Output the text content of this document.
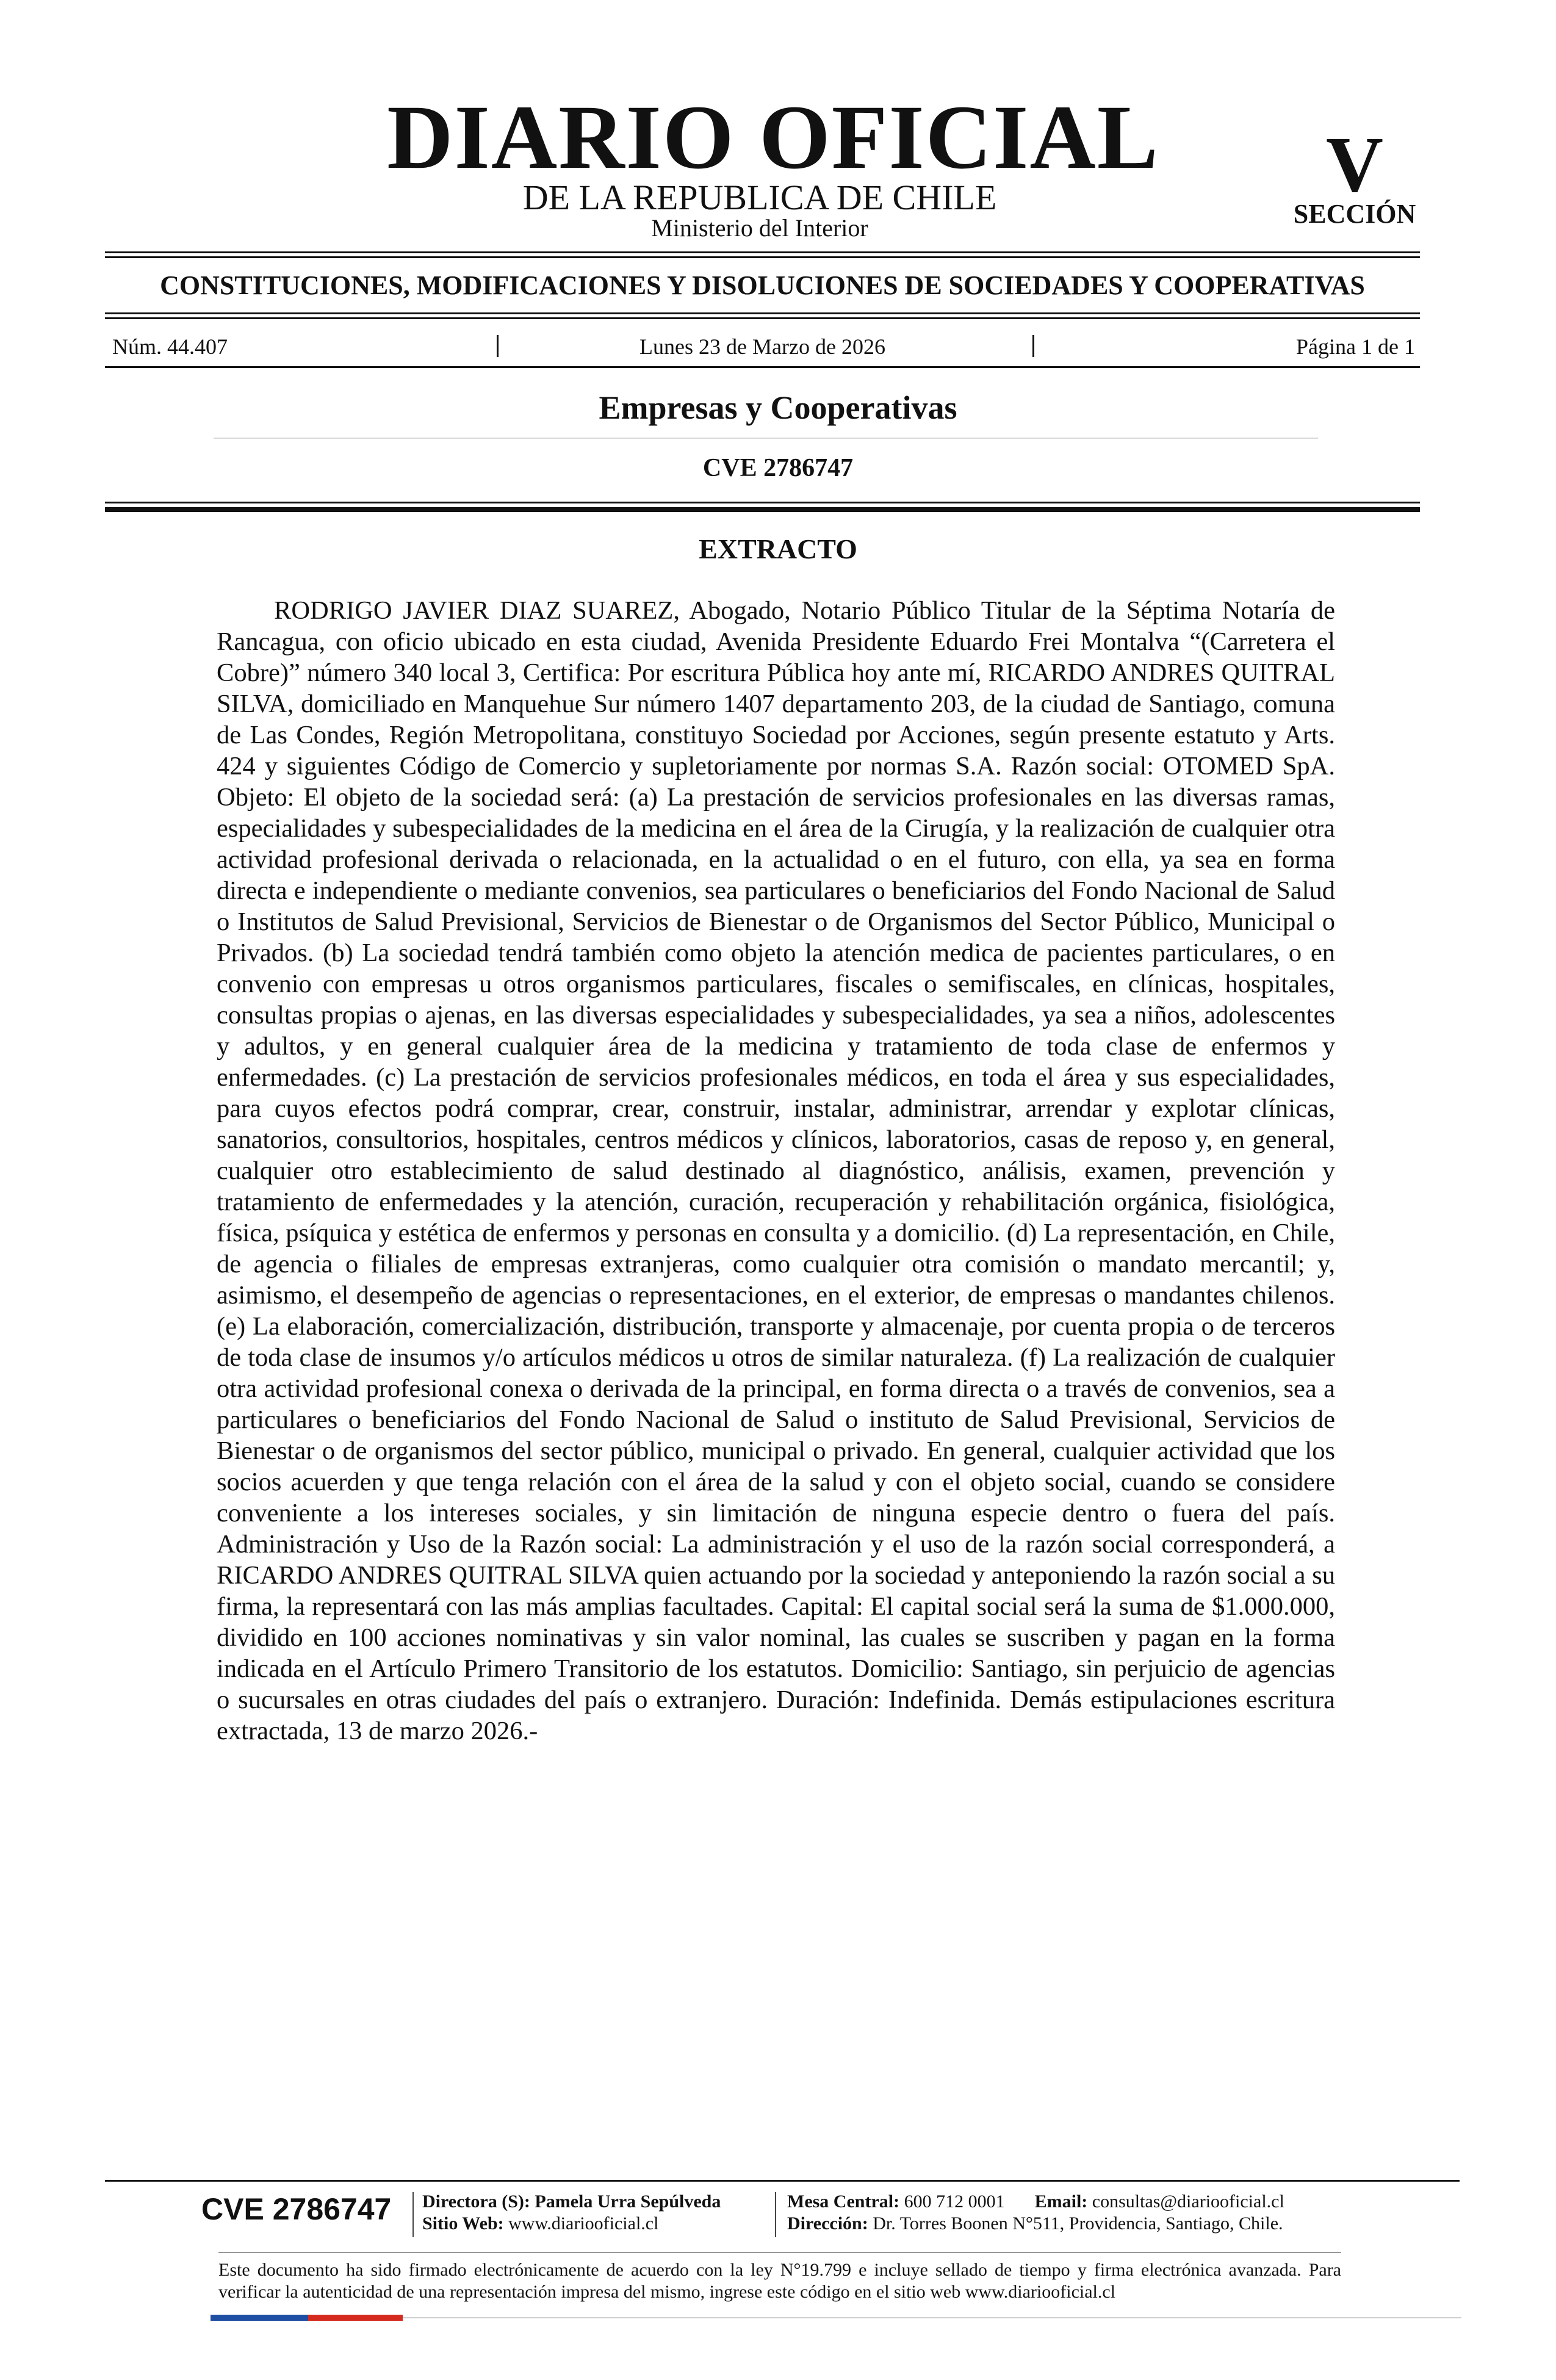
DIARIO OFICIAL
DE LA REPUBLICA DE CHILE
Ministerio del Interior
V
SECCIÓN
CONSTITUCIONES, MODIFICACIONES Y DISOLUCIONES DE SOCIEDADES Y COOPERATIVAS
Núm. 44.407	Lunes 23 de Marzo de 2026	Página 1 de 1
Empresas y Cooperativas
CVE 2786747
EXTRACTO

RODRIGO JAVIER DIAZ SUAREZ, Abogado, Notario Público Titular de la Séptima Notaría de Rancagua, con oficio ubicado en esta ciudad, Avenida Presidente Eduardo Frei Montalva “(Carretera el Cobre)” número 340 local 3, Certifica: Por escritura Pública hoy ante mí, RICARDO ANDRES QUITRAL SILVA, domiciliado en Manquehue Sur número 1407 departamento 203, de la ciudad de Santiago, comuna de Las Condes, Región Metropolitana, constituyo Sociedad por Acciones, según presente estatuto y Arts. 424 y siguientes Código de Comercio y supletoriamente por normas S.A. Razón social: OTOMED SpA. Objeto: El objeto de la sociedad será: (a) La prestación de servicios profesionales en las diversas ramas, especialidades y subespecialidades de la medicina en el área de la Cirugía, y la realización de cualquier otra actividad profesional derivada o relacionada, en la actualidad o en el futuro, con ella, ya sea en forma directa e independiente o mediante convenios, sea particulares o beneficiarios del Fondo Nacional de Salud o Institutos de Salud Previsional, Servicios de Bienestar o de Organismos del Sector Público, Municipal o Privados. (b) La sociedad tendrá también como objeto la atención medica de pacientes particulares, o en convenio con empresas u otros organismos particulares, fiscales o semifiscales, en clínicas, hospitales, consultas propias o ajenas, en las diversas especialidades y subespecialidades, ya sea a niños, adolescentes y adultos, y en general cualquier área de la medicina y tratamiento de toda clase de enfermos y enfermedades. (c) La prestación de servicios profesionales médicos, en toda el área y sus especialidades, para cuyos efectos podrá comprar, crear, construir, instalar, administrar, arrendar y explotar clínicas, sanatorios, consultorios, hospitales, centros médicos y clínicos, laboratorios, casas de reposo y, en general, cualquier otro establecimiento de salud destinado al diagnóstico, análisis, examen, prevención y tratamiento de enfermedades y la atención, curación, recuperación y rehabilitación orgánica, fisiológica, física, psíquica y estética de enfermos y personas en consulta y a domicilio. (d) La representación, en Chile, de agencia o filiales de empresas extranjeras, como cualquier otra comisión o mandato mercantil; y, asimismo, el desempeño de agencias o representaciones, en el exterior, de empresas o mandantes chilenos. (e) La elaboración, comercialización, distribución, transporte y almacenaje, por cuenta propia o de terceros de toda clase de insumos y/o artículos médicos u otros de similar naturaleza. (f) La realización de cualquier otra actividad profesional conexa o derivada de la principal, en forma directa o a través de convenios, sea a particulares o beneficiarios del Fondo Nacional de Salud o instituto de Salud Previsional, Servicios de Bienestar o de organismos del sector público, municipal o privado. En general, cualquier actividad que los socios acuerden y que tenga relación con el área de la salud y con el objeto social, cuando se considere conveniente a los intereses sociales, y sin limitación de ninguna especie dentro o fuera del país. Administración y Uso de la Razón social: La administración y el uso de la razón social corresponderá, a RICARDO ANDRES QUITRAL SILVA quien actuando por la sociedad y anteponiendo la razón social a su firma, la representará con las más amplias facultades. Capital: El capital social será la suma de $1.000.000, dividido en 100 acciones nominativas y sin valor nominal, las cuales se suscriben y pagan en la forma indicada en el Artículo Primero Transitorio de los estatutos. Domicilio: Santiago, sin perjuicio de agencias o sucursales en otras ciudades del país o extranjero. Duración: Indefinida. Demás estipulaciones escritura extractada, 13 de marzo 2026.-

CVE 2786747	Directora (S): Pamela Urra Sepúlveda
Sitio Web: www.diariooficial.cl
Mesa Central: 600 712 0001 Email: consultas@diariooficial.cl
Dirección: Dr. Torres Boonen N°511, Providencia, Santiago, Chile.
Este documento ha sido firmado electrónicamente de acuerdo con la ley N°19.799 e incluye sellado de tiempo y firma electrónica avanzada. Para verificar la autenticidad de una representación impresa del mismo, ingrese este código en el sitio web www.diariooficial.cl
